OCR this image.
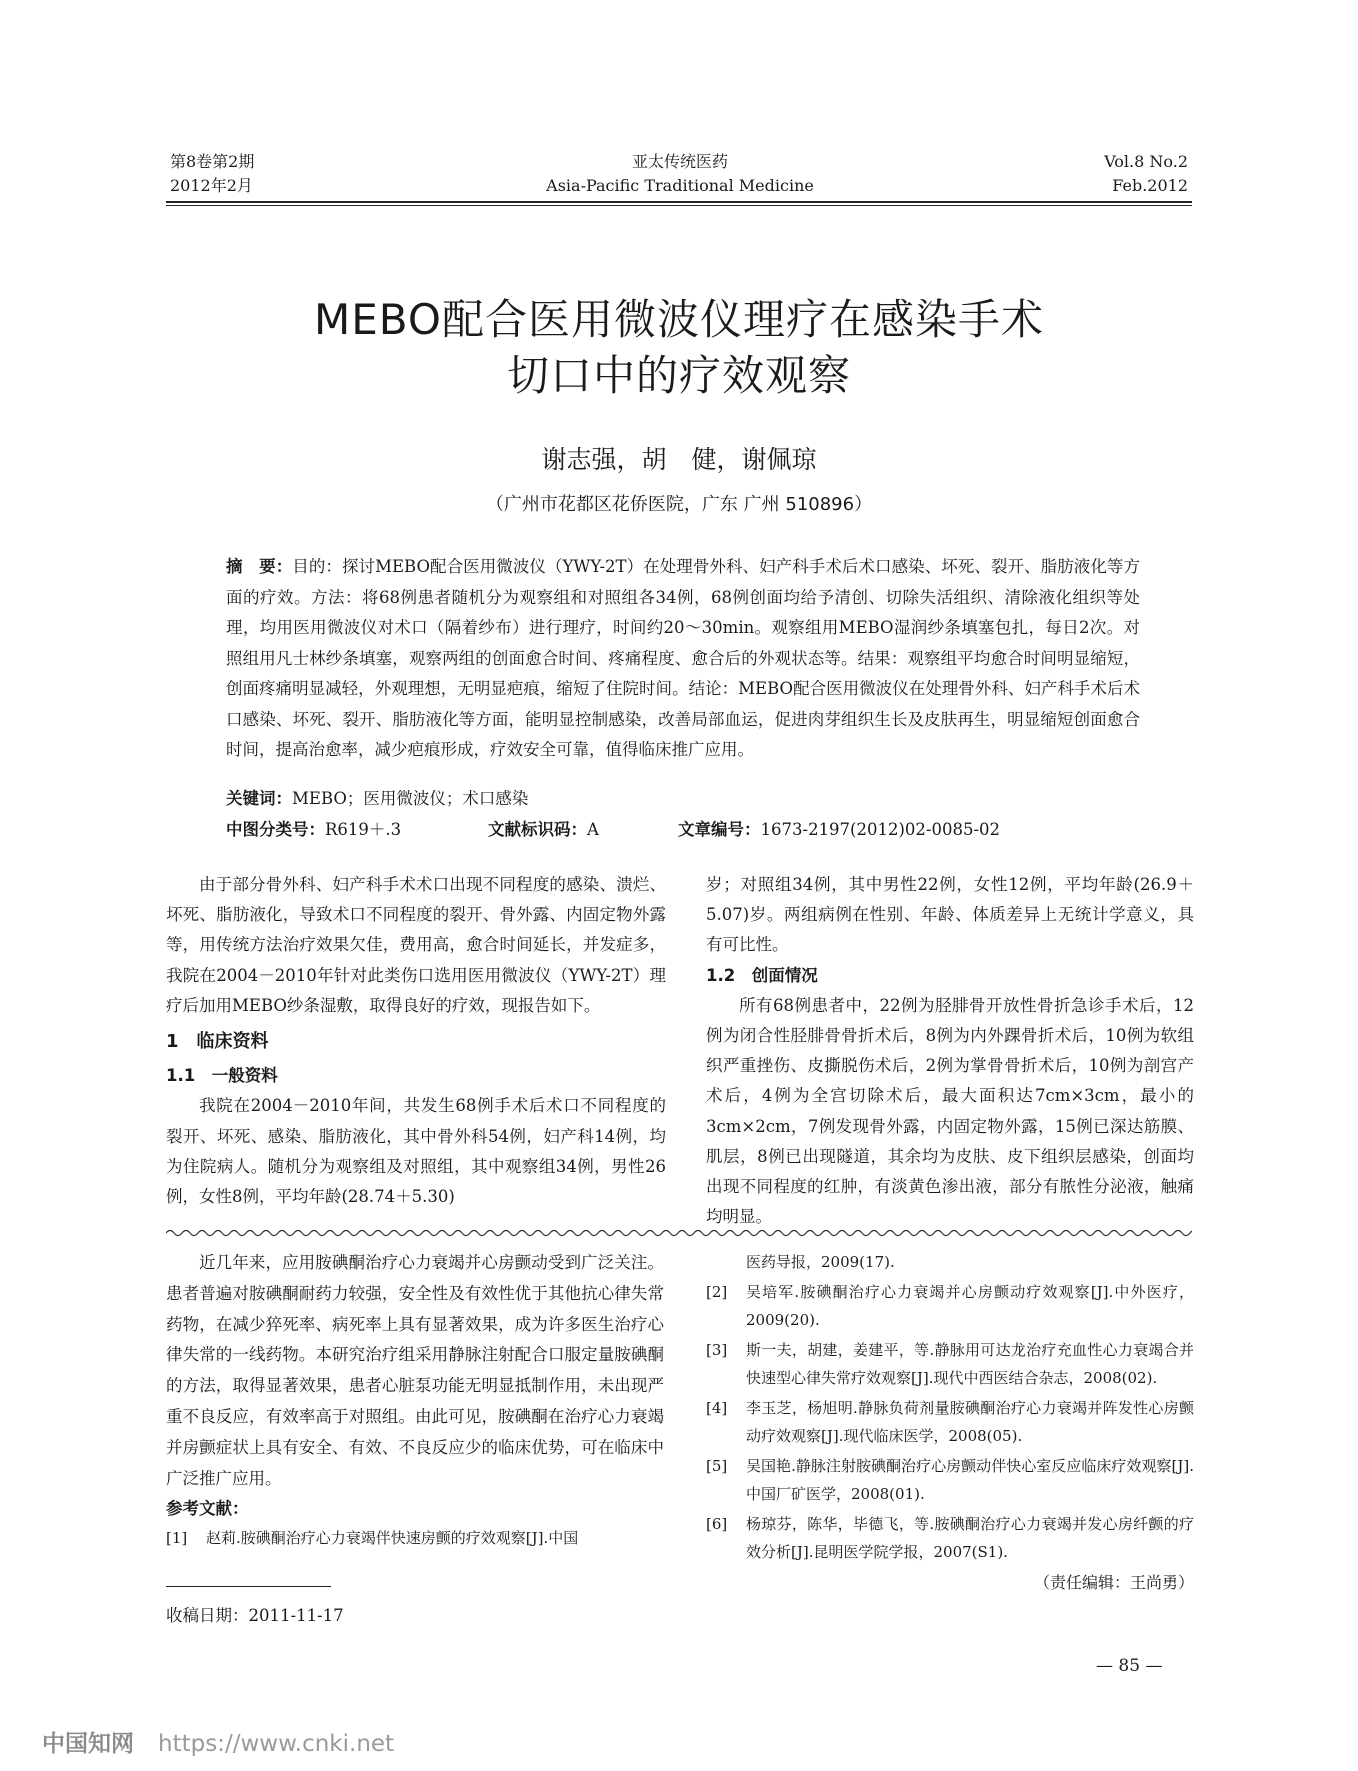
第8卷第2期
2012年2月
亚太传统医药
Asia-Pacific Traditional Medicine
Vol.8 No.2
Feb.2012
MEBO配合医用微波仪理疗在感染手术
切口中的疗效观察
谢志强，胡　健，谢佩琼
（广州市花都区花侨医院，广东 广州 510896）
摘　要：目的：探讨MEBO配合医用微波仪（YWY-2T）在处理骨外科、妇产科手术后术口感染、坏死、裂开、脂肪液化等方面的疗效。方法：将68例患者随机分为观察组和对照组各34例，68例创面均给予清创、切除失活组织、清除液化组织等处理，均用医用微波仪对术口（隔着纱布）进行理疗，时间约20～30min。观察组用MEBO湿润纱条填塞包扎，每日2次。对照组用凡士林纱条填塞，观察两组的创面愈合时间、疼痛程度、愈合后的外观状态等。结果：观察组平均愈合时间明显缩短，创面疼痛明显减轻，外观理想，无明显疤痕，缩短了住院时间。结论：MEBO配合医用微波仪在处理骨外科、妇产科手术后术口感染、坏死、裂开、脂肪液化等方面，能明显控制感染，改善局部血运，促进肉芽组织生长及皮肤再生，明显缩短创面愈合时间，提高治愈率，减少疤痕形成，疗效安全可靠，值得临床推广应用。
关键词：MEBO；医用微波仪；术口感染
中图分类号：R619＋.3	文献标识码：A	文章编号：1673-2197(2012)02-0085-02

由于部分骨外科、妇产科手术术口出现不同程度的感染、溃烂、坏死、脂肪液化，导致术口不同程度的裂开、骨外露、内固定物外露等，用传统方法治疗效果欠佳，费用高，愈合时间延长，并发症多，我院在2004－2010年针对此类伤口选用医用微波仪（YWY-2T）理疗后加用MEBO纱条湿敷，取得良好的疗效，现报告如下。

1　临床资料

1.1　一般资料

我院在2004－2010年间，共发生68例手术后术口不同程度的裂开、坏死、感染、脂肪液化，其中骨外科54例，妇产科14例，均为住院病人。随机分为观察组及对照组，其中观察组34例，男性26例，女性8例，平均年龄(28.74＋5.30)

岁；对照组34例，其中男性22例，女性12例，平均年龄(26.9＋5.07)岁。两组病例在性别、年龄、体质差异上无统计学意义，具有可比性。

1.2　创面情况

所有68例患者中，22例为胫腓骨开放性骨折急诊手术后，12例为闭合性胫腓骨骨折术后，8例为内外踝骨折术后，10例为软组织严重挫伤、皮撕脱伤术后，2例为掌骨骨折术后，10例为剖宫产术后，4例为全宫切除术后，最大面积达7cm×3cm，最小的3cm×2cm，7例发现骨外露，内固定物外露，15例已深达筋膜、肌层，8例已出现隧道，其余均为皮肤、皮下组织层感染，创面均出现不同程度的红肿，有淡黄色渗出液，部分有脓性分泌液，触痛均明显。

近几年来，应用胺碘酮治疗心力衰竭并心房颤动受到广泛关注。患者普遍对胺碘酮耐药力较强，安全性及有效性优于其他抗心律失常药物，在减少猝死率、病死率上具有显著效果，成为许多医生治疗心律失常的一线药物。本研究治疗组采用静脉注射配合口服定量胺碘酮的方法，取得显著效果，患者心脏泵功能无明显抵制作用，未出现严重不良反应，有效率高于对照组。由此可见，胺碘酮在治疗心力衰竭并房颤症状上具有安全、有效、不良反应少的临床优势，可在临床中广泛推广应用。

参考文献：

[1]	赵莉.胺碘酮治疗心力衰竭伴快速房颤的疗效观察[J].中国
医药导报，2009(17).
[2]	吴培军.胺碘酮治疗心力衰竭并心房颤动疗效观察[J].中外医疗，2009(20).
[3]	斯一夫，胡建，姜建平，等.静脉用可达龙治疗充血性心力衰竭合并快速型心律失常疗效观察[J].现代中西医结合杂志，2008(02).
[4]	李玉芝，杨旭明.静脉负荷剂量胺碘酮治疗心力衰竭并阵发性心房颤动疗效观察[J].现代临床医学，2008(05).
[5]	吴国艳.静脉注射胺碘酮治疗心房颤动伴快心室反应临床疗效观察[J].中国厂矿医学，2008(01).
[6]	杨琼芬，陈华，毕德飞，等.胺碘酮治疗心力衰竭并发心房纤颤的疗效分析[J].昆明医学院学报，2007(S1).
（责任编辑：王尚勇）
收稿日期：2011-11-17
— 85 —
中国知网 https://www.cnki.net
